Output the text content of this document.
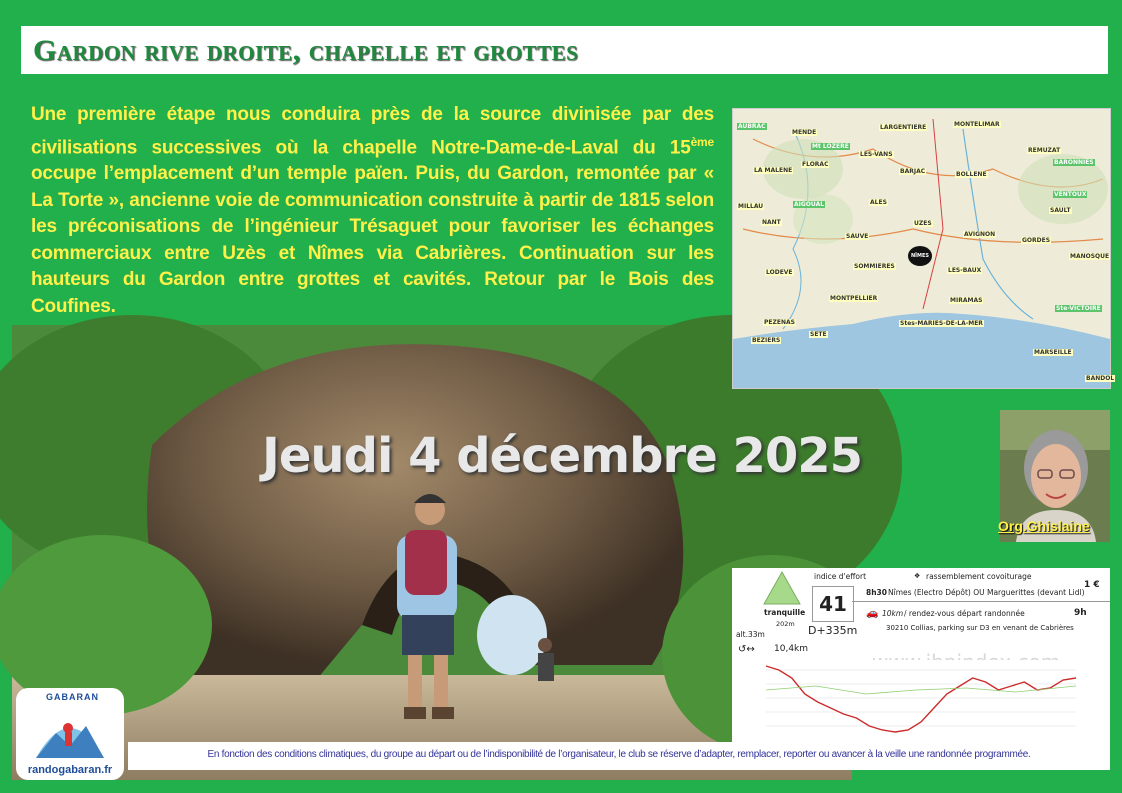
Gardon rive droite, chapelle et grottes
Une première étape nous conduira près de la source divinisée par des civilisations successives où la chapelle Notre-Dame-de-Laval du 15ème occupe l’emplacement d’un temple païen. Puis, du Gardon, remontée par « La Torte », ancienne voie de communication construite à partir de 1815 selon les préconisations de l’ingénieur Trésaguet pour favoriser les échanges commerciaux entre Uzès et Nîmes via Cabrières. Continuation sur les hauteurs du Gardon entre grottes et cavités. Retour par le Bois des Coufines.
Jeudi 4 décembre 2025
AUBRAC
MENDE
LARGENTIERE	MONTELIMAR
Mt LOZERE
FLORAC
LES-VANS
LA MALENE	BARJAC	BOLLENE
REMUZAT
BARONNIES
VENTOUX
MILLAU	AIGOUAL	ALES
NANT	UZES
AVIGNON
SAULT
GORDES
SAUVE
SOMMIERES
LODEVE	LES-BAUX
MANOSQUE
MONTPELLIER	MIRAMAS
Ste-VICTOIRE
PEZENAS
SETE
Stes-MARIES-DE-LA-MER
BEZIERS
MARSEILLE
BANDOL
NÎMES
Org.Ghislaine
tranquille
indice d'effort
41
alt.33m
202m D+335m
↺↔ 10,4km
❖ rassemblement covoiturage
8h30 Nîmes (Electro Dépôt) OU Marguerittes (devant Lidl)
1 €
🚗 10km / rendez-vous départ randonnée	9h
30210 Collias, parking sur D3 en venant de Cabrières
En fonction des conditions climatiques, du groupe au départ ou de l’indisponibilité de l’organisateur, le club se réserve d’adapter, remplacer, reporter ou avancer à la veille une randonnée programmée.
GABARAN
randogabaran.fr
